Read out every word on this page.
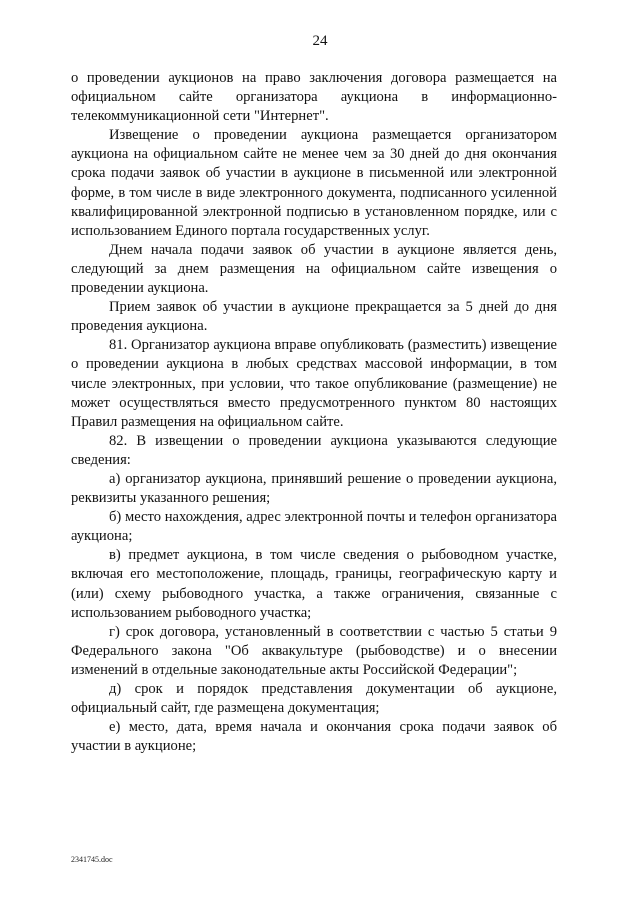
24

о проведении аукционов на право заключения договора размещается на официальном сайте организатора аукциона в информационно-телекоммуникационной сети "Интернет".

Извещение о проведении аукциона размещается организатором аукциона на официальном сайте не менее чем за 30 дней до дня окончания срока подачи заявок об участии в аукционе в письменной или электронной форме, в том числе в виде электронного документа, подписанного усиленной квалифицированной электронной подписью в установленном порядке, или с использованием Единого портала государственных услуг.

Днем начала подачи заявок об участии в аукционе является день, следующий за днем размещения на официальном сайте извещения о проведении аукциона.

Прием заявок об участии в аукционе прекращается за 5 дней до дня проведения аукциона.

81. Организатор аукциона вправе опубликовать (разместить) извещение о проведении аукциона в любых средствах массовой информации, в том числе электронных, при условии, что такое опубликование (размещение) не может осуществляться вместо предусмотренного пунктом 80 настоящих Правил размещения на официальном сайте.

82. В извещении о проведении аукциона указываются следующие сведения:

а) организатор аукциона, принявший решение о проведении аукциона, реквизиты указанного решения;

б) место нахождения, адрес электронной почты и телефон организатора аукциона;

в) предмет аукциона, в том числе сведения о рыбоводном участке, включая его местоположение, площадь, границы, географическую карту и (или) схему рыбоводного участка, а также ограничения, связанные с использованием рыбоводного участка;

г) срок договора, установленный в соответствии с частью 5 статьи 9 Федерального закона "Об аквакультуре (рыбоводстве) и о внесении изменений в отдельные законодательные акты Российской Федерации";

д) срок и порядок представления документации об аукционе, официальный сайт, где размещена документация;

е) место, дата, время начала и окончания срока подачи заявок об участии в аукционе;

2341745.doc
